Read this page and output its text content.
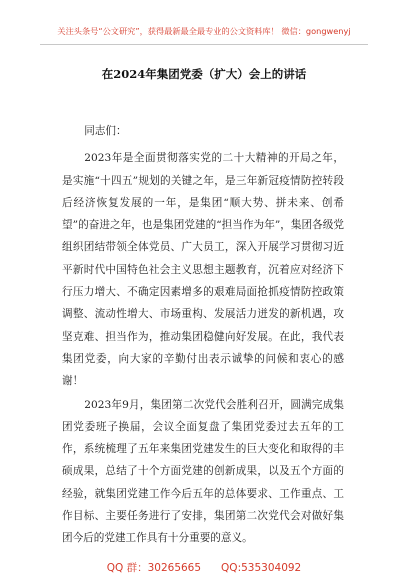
关注头条号“公文研究”，获得最新最全最专业的公文资料库！ 微信：gongwenyj
在2024年集团党委（扩大）会上的讲话

同志们：

2023年是全面贯彻落实党的二十大精神的开局之年，是实施“十四五”规划的关键之年，是三年新冠疫情防控转段后经济恢复发展的一年，是集团“顺大势、拼未来、创希望”的奋进之年，也是集团党建的“担当作为年”，集团各级党组织团结带领全体党员、广大员工，深入开展学习贯彻习近平新时代中国特色社会主义思想主题教育，沉着应对经济下行压力增大、不确定因素增多的艰难局面抢抓疫情防控政策调整、流动性增大、市场重构、发展活力迸发的新机遇，攻坚克难、担当作为，推动集团稳健向好发展。在此，我代表集团党委，向大家的辛勤付出表示诚挚的问候和衷心的感谢！

2023年9月，集团第二次党代会胜利召开，圆满完成集团党委班子换届，会议全面复盘了集团党委过去五年的工作，系统梳理了五年来集团党建发生的巨大变化和取得的丰硕成果，总结了十个方面党建的创新成果，以及五个方面的经验，就集团党建工作今后五年的总体要求、工作重点、工作目标、主要任务进行了安排，集团第二次党代会对做好集团今后的党建工作具有十分重要的意义。

QQ 群：30265665 QQ:535304092
